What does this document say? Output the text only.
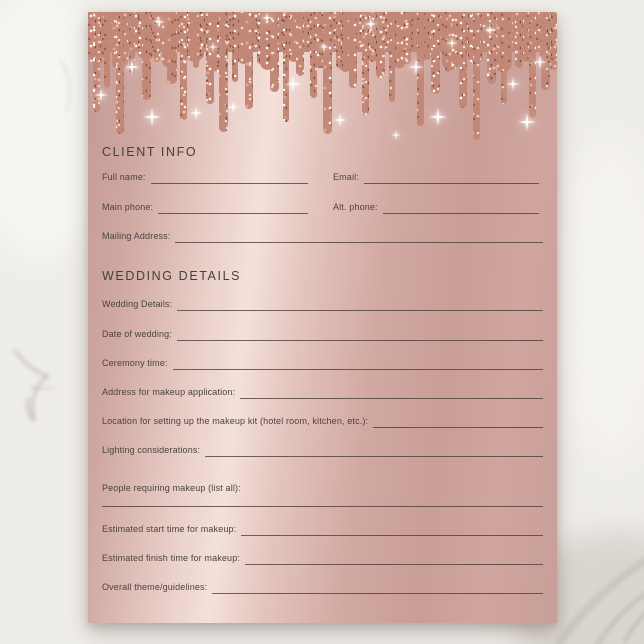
CLIENT INFO
Full name:	Email:
Main phone:	Alt. phone:
Mailing Address:
WEDDING DETAILS
Wedding Details:
Date of wedding:
Ceremony time:
Address for makeup application:
Location for setting up the makeup kit (hotel room, kitchen, etc.):
Lighting considerations:
People requiring makeup (list all):
Estimated start time for makeup:
Estimated finish time for makeup:
Overall theme/guidelines:
